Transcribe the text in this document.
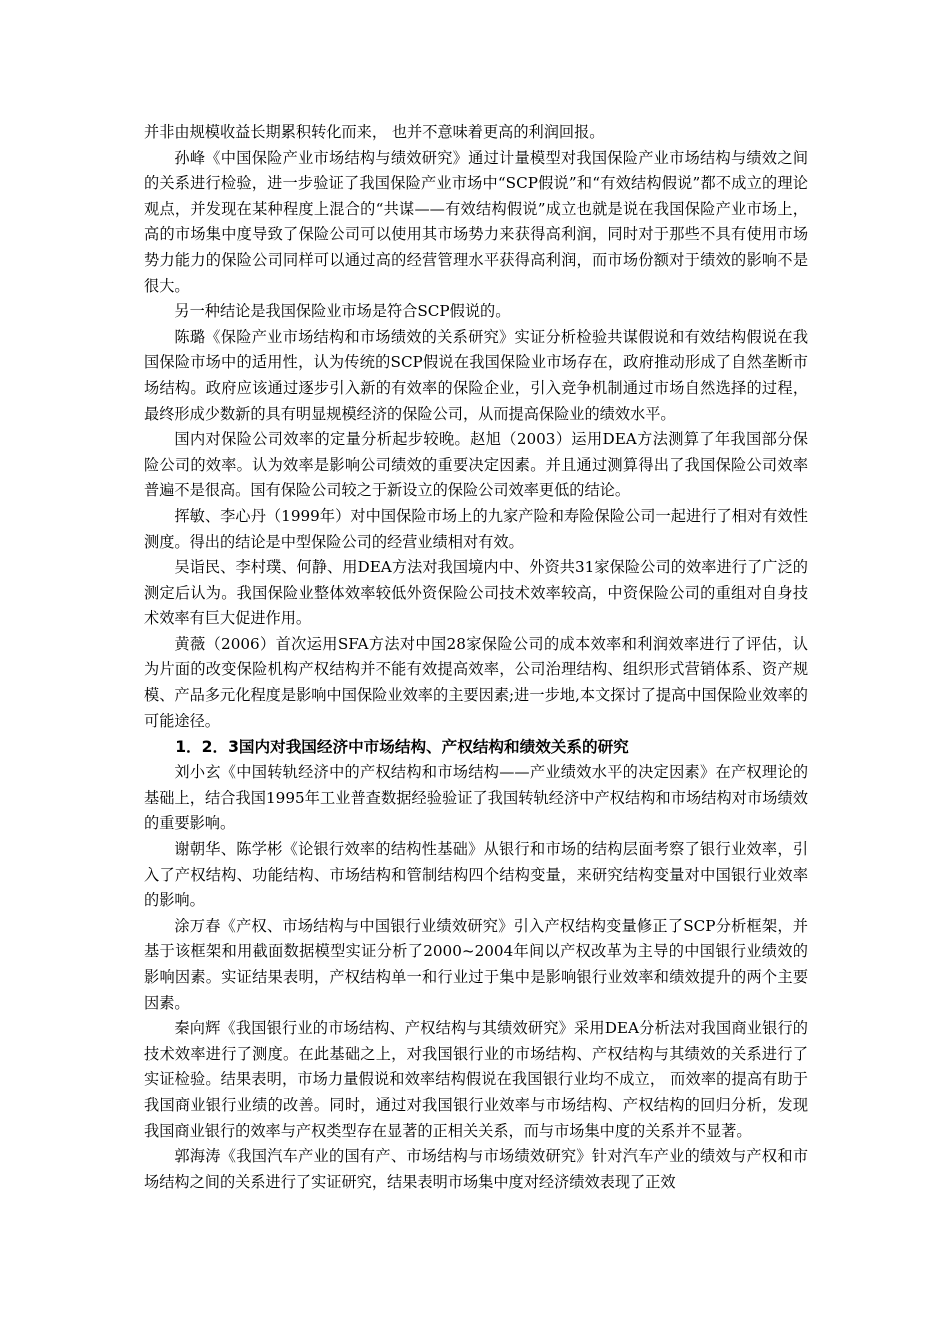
并非由规模收益长期累积转化而来， 也并不意味着更高的利润回报。

孙峰《中国保险产业市场结构与绩效研究》通过计量模型对我国保险产业市场结构与绩效之间的关系进行检验，进一步验证了我国保险产业市场中“SCP假说”和“有效结构假说”都不成立的理论观点，并发现在某种程度上混合的“共谋——有效结构假说”成立也就是说在我国保险产业市场上，高的市场集中度导致了保险公司可以使用其市场势力来获得高利润，同时对于那些不具有使用市场势力能力的保险公司同样可以通过高的经营管理水平获得高利润，而市场份额对于绩效的影响不是很大。

另一种结论是我国保险业市场是符合SCP假说的。

陈璐《保险产业市场结构和市场绩效的关系研究》实证分析检验共谋假说和有效结构假说在我国保险市场中的适用性，认为传统的SCP假说在我国保险业市场存在，政府推动形成了自然垄断市场结构。政府应该通过逐步引入新的有效率的保险企业，引入竞争机制通过市场自然选择的过程，最终形成少数新的具有明显规模经济的保险公司，从而提高保险业的绩效水平。

国内对保险公司效率的定量分析起步较晚。赵旭（2003）运用DEA方法测算了年我国部分保险公司的效率。认为效率是影响公司绩效的重要决定因素。并且通过测算得出了我国保险公司效率普遍不是很高。国有保险公司较之于新设立的保险公司效率更低的结论。

挥敏、李心丹（1999年）对中国保险市场上的九家产险和寿险保险公司一起进行了相对有效性测度。得出的结论是中型保险公司的经营业绩相对有效。

吴诣民、李村璞、何静、用DEA方法对我国境内中、外资共31家保险公司的效率进行了广泛的测定后认为。我国保险业整体效率较低外资保险公司技术效率较高，中资保险公司的重组对自身技术效率有巨大促进作用。

黄薇（2006）首次运用SFA方法对中国28家保险公司的成本效率和利润效率进行了评估，认为片面的改变保险机构产权结构并不能有效提高效率，公司治理结构、组织形式营销体系、资产规模、产品多元化程度是影响中国保险业效率的主要因素;进一步地,本文探讨了提高中国保险业效率的可能途径。

1．2．3国内对我国经济中市场结构、产权结构和绩效关系的研究

刘小玄《中国转轨经济中的产权结构和市场结构——产业绩效水平的决定因素》在产权理论的基础上，结合我国1995年工业普查数据经验验证了我国转轨经济中产权结构和市场结构对市场绩效的重要影响。

谢朝华、陈学彬《论银行效率的结构性基础》从银行和市场的结构层面考察了银行业效率，引入了产权结构、功能结构、市场结构和管制结构四个结构变量，来研究结构变量对中国银行业效率的影响。

涂万春《产权、市场结构与中国银行业绩效研究》引入产权结构变量修正了SCP分析框架，并基于该框架和用截面数据模型实证分析了2000~2004年间以产权改革为主导的中国银行业绩效的影响因素。实证结果表明，产权结构单一和行业过于集中是影响银行业效率和绩效提升的两个主要因素。

秦向辉《我国银行业的市场结构、产权结构与其绩效研究》采用DEA分析法对我国商业银行的技术效率进行了测度。在此基础之上，对我国银行业的市场结构、产权结构与其绩效的关系进行了实证检验。结果表明，市场力量假说和效率结构假说在我国银行业均不成立， 而效率的提高有助于我国商业银行业绩的改善。同时，通过对我国银行业效率与市场结构、产权结构的回归分析，发现我国商业银行的效率与产权类型存在显著的正相关关系，而与市场集中度的关系并不显著。

郭海涛《我国汽车产业的国有产、市场结构与市场绩效研究》针对汽车产业的绩效与产权和市场结构之间的关系进行了实证研究，结果表明市场集中度对经济绩效表现了正效
